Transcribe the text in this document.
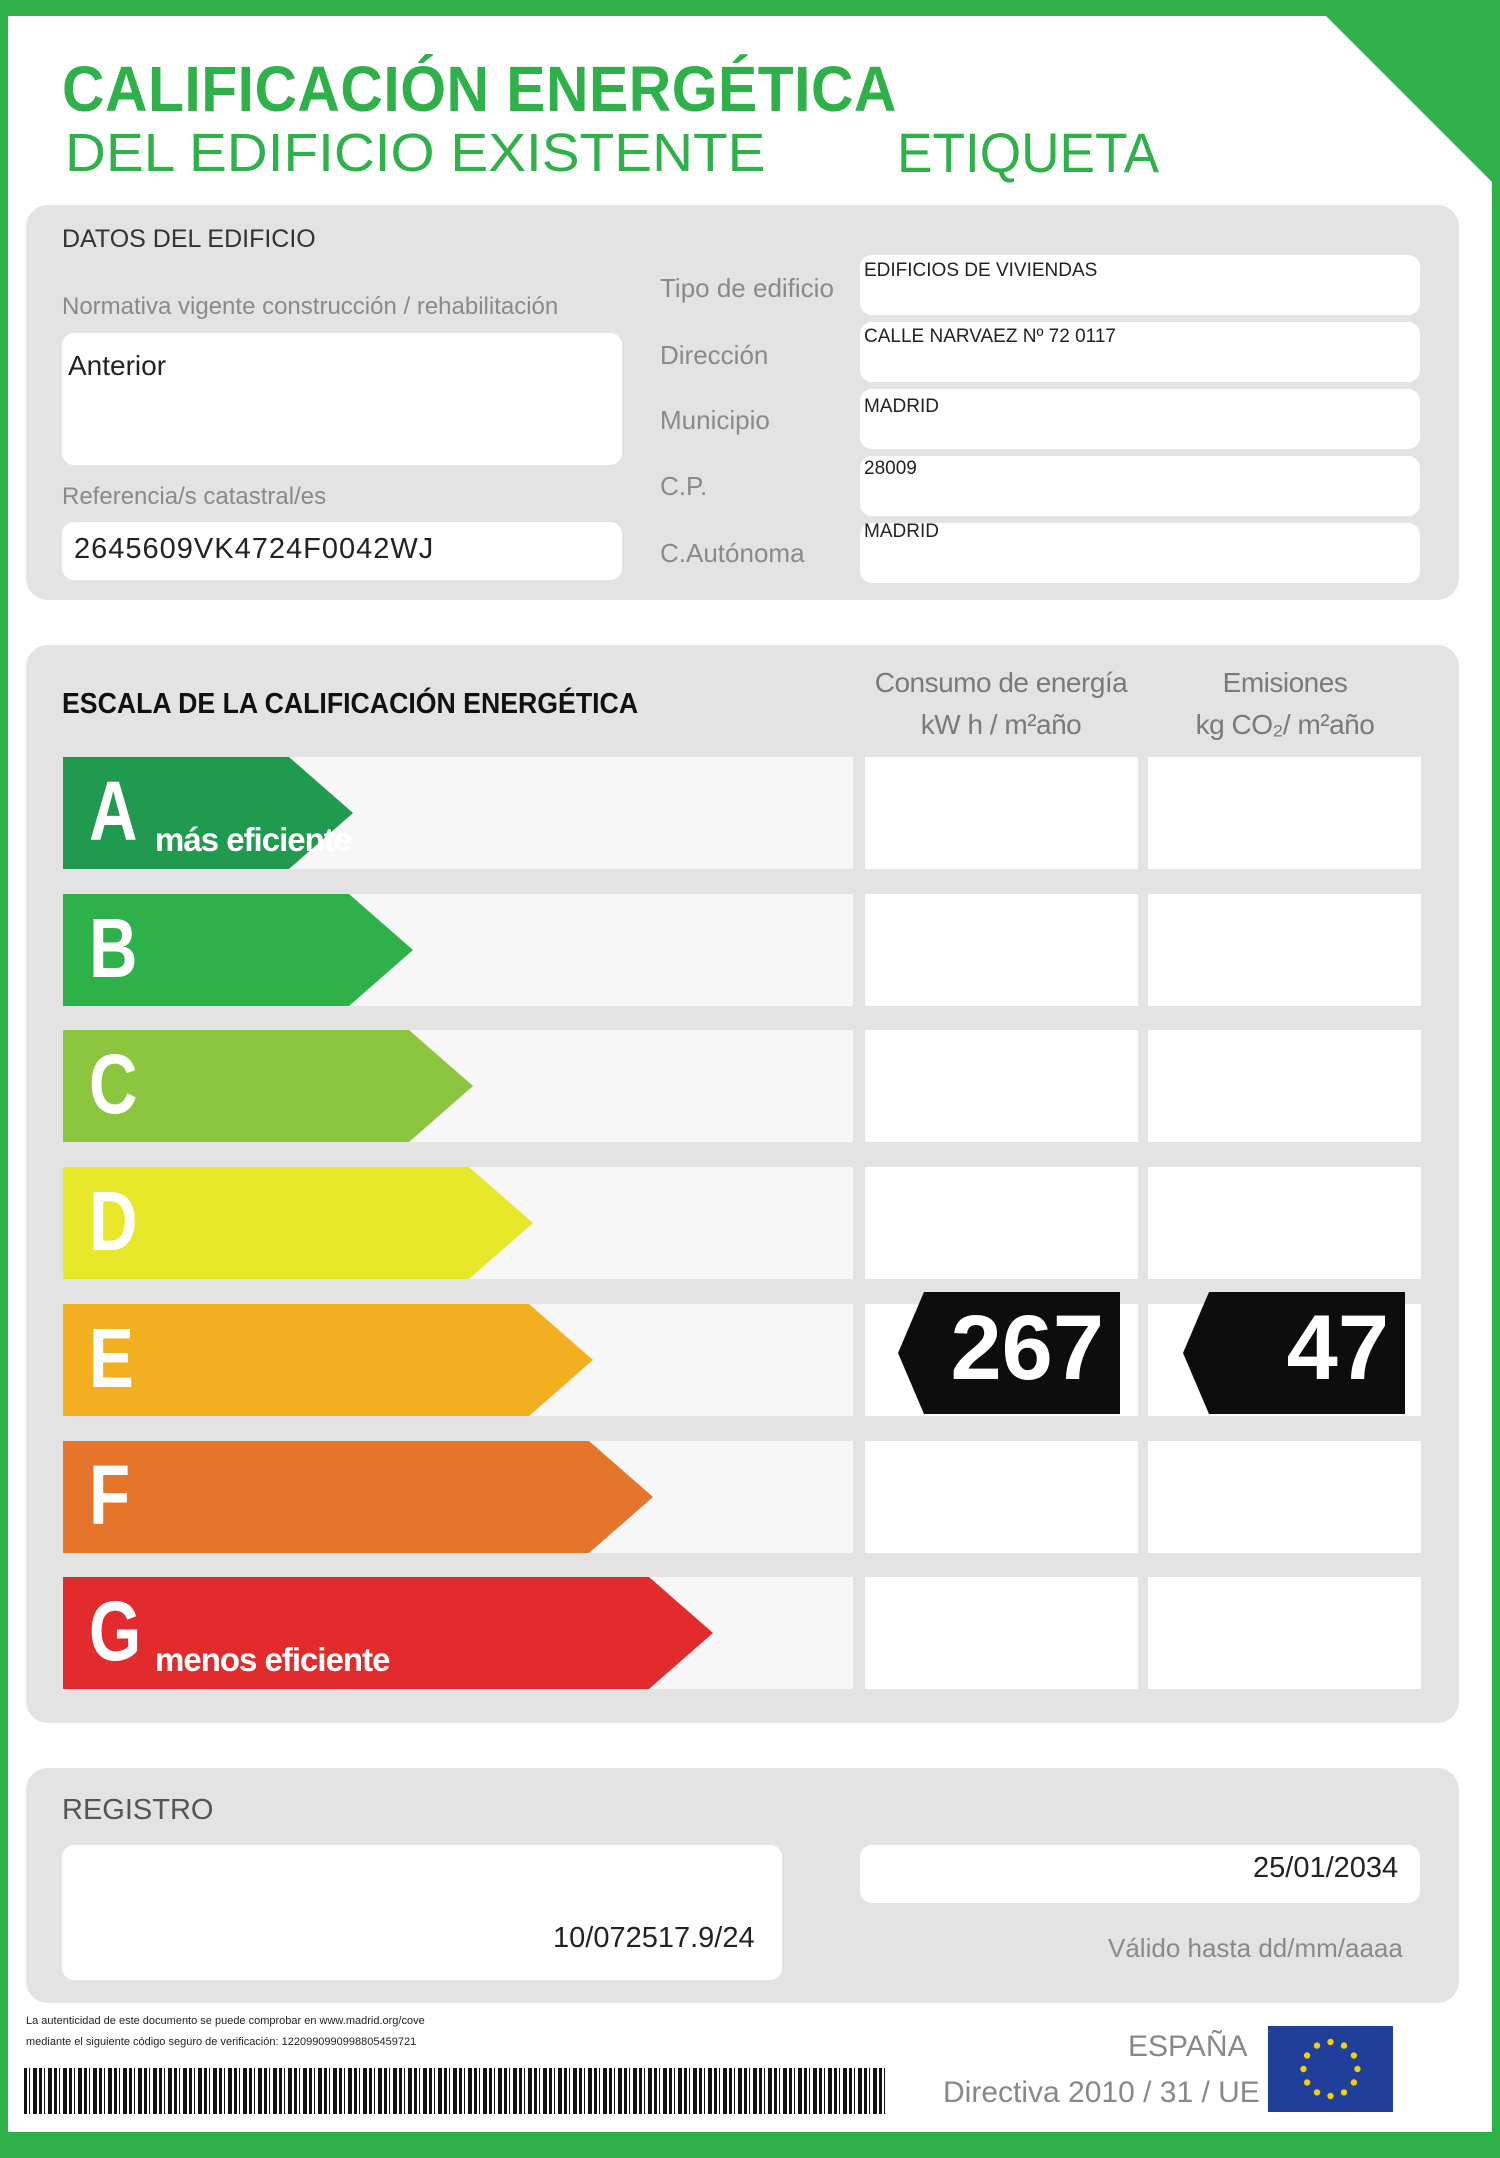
CALIFICACIÓN ENERGÉTICA
DEL EDIFICIO EXISTENTE ETIQUETA
DATOS DEL EDIFICIO
Normativa vigente construcción / rehabilitación
Anterior
Referencia/s catastral/es
2645609VK4724F0042WJ
Tipo de edificio
Dirección
Municipio
C.P.
C.Autónoma
EDIFICIOS DE VIVIENDAS
CALLE NARVAEZ Nº 72 0117
MADRID
28009
MADRID
ESCALA DE LA CALIFICACIÓN ENERGÉTICA
Consumo de energía
kW h / m²año
Emisiones
kg CO₂/ m²año
A más eficiente
B
C
D
E
F
G menos eficiente
267 47
REGISTRO
10/072517.9/24
25/01/2034
Válido hasta dd/mm/aaaa
La autenticidad de este documento se puede comprobar en www.madrid.org/cove
mediante el siguiente código seguro de verificación: 1220990990998805459721	ESPAÑA
Directiva 2010 / 31 / UE
